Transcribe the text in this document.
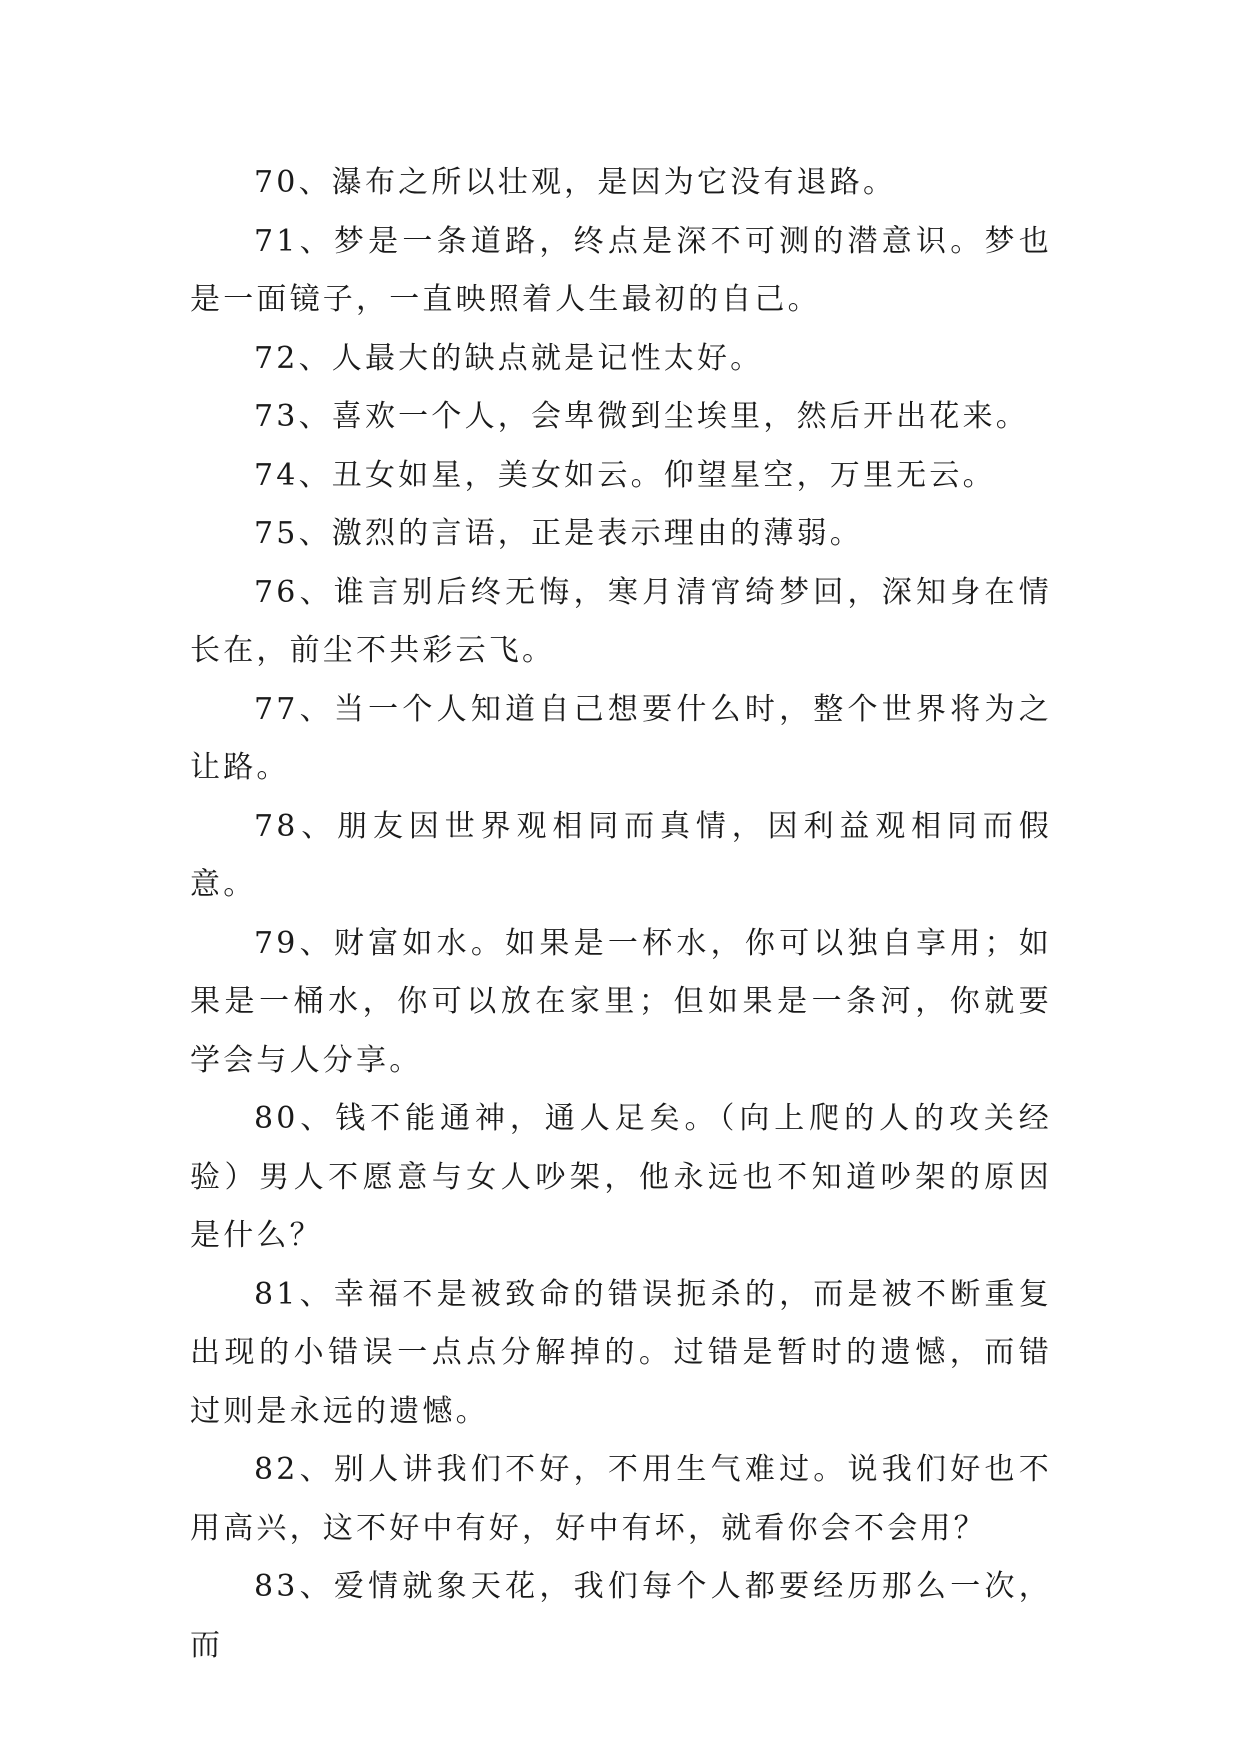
70、瀑布之所以壮观，是因为它没有退路。

71、梦是一条道路，终点是深不可测的潜意识。梦也是一面镜子，一直映照着人生最初的自己。

72、人最大的缺点就是记性太好。

73、喜欢一个人，会卑微到尘埃里，然后开出花来。

74、丑女如星，美女如云。仰望星空，万里无云。

75、激烈的言语，正是表示理由的薄弱。

76、谁言别后终无悔，寒月清宵绮梦回，深知身在情长在，前尘不共彩云飞。

77、当一个人知道自己想要什么时，整个世界将为之让路。

78、朋友因世界观相同而真情，因利益观相同而假意。

79、财富如水。如果是一杯水，你可以独自享用；如果是一桶水，你可以放在家里；但如果是一条河，你就要学会与人分享。

80、钱不能通神，通人足矣。（向上爬的人的攻关经验）男人不愿意与女人吵架，他永远也不知道吵架的原因是什么？

81、幸福不是被致命的错误扼杀的，而是被不断重复出现的小错误一点点分解掉的。过错是暂时的遗憾，而错过则是永远的遗憾。

82、别人讲我们不好，不用生气难过。说我们好也不用高兴，这不好中有好，好中有坏，就看你会不会用？

83、爱情就象天花，我们每个人都要经历那么一次，而
